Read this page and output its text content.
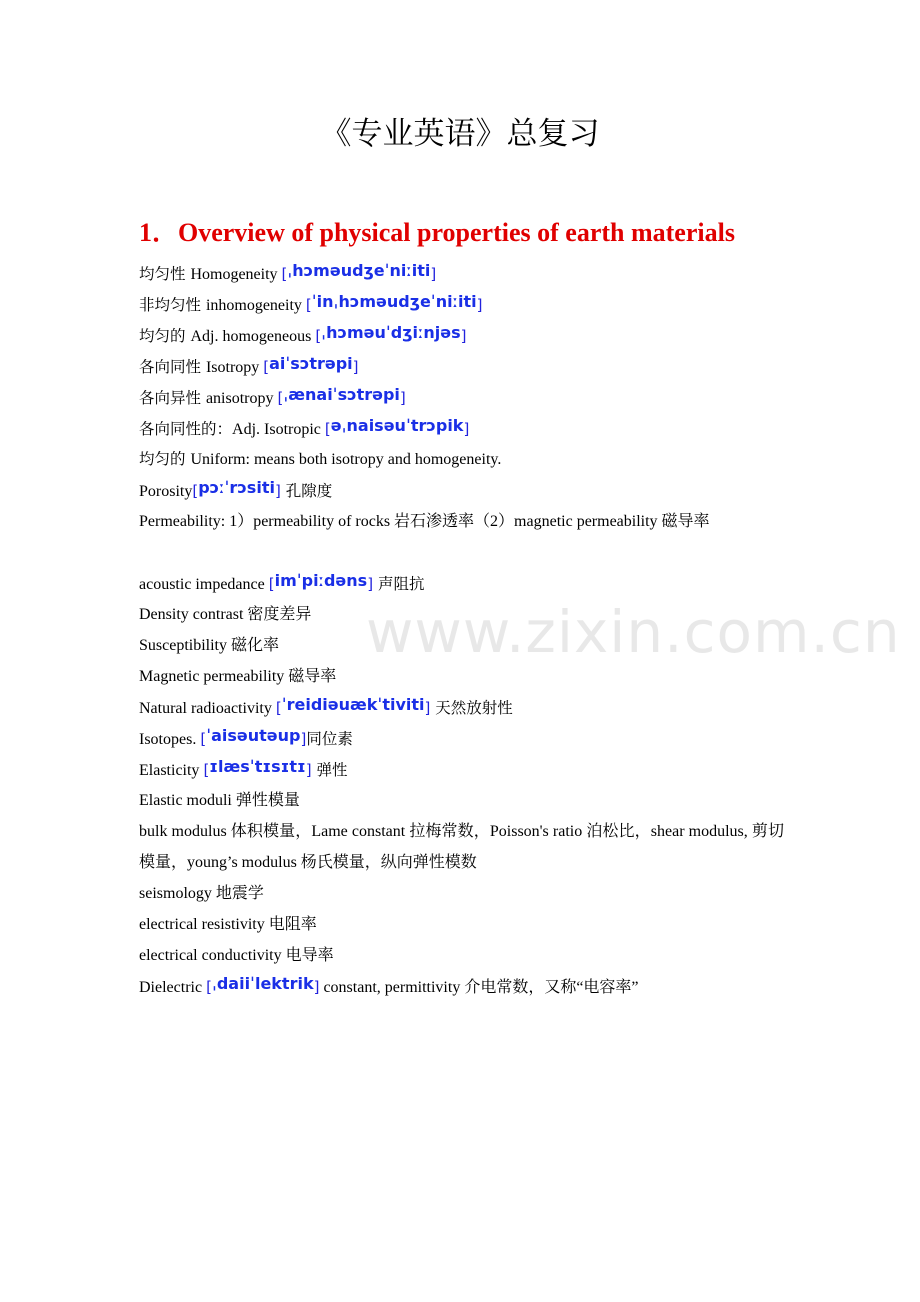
《专业英语》总复习
1．Overview of physical properties of earth materials
均匀性 Homogeneity [ˌhɔməudʒeˈniːiti]
非均匀性 inhomogeneity [ˈinˌhɔməudʒeˈniːiti]
均匀的 Adj. homogeneous [ˌhɔməuˈdʒiːnjəs]
各向同性 Isotropy [aiˈsɔtrəpi]
各向异性 anisotropy [ˌænaiˈsɔtrəpi]
各向同性的：Adj. Isotropic [əˌnaisəuˈtrɔpik]
均匀的 Uniform: means both isotropy and homogeneity.
Porosity[pɔːˈrɔsiti] 孔隙度
Permeability: 1）permeability of rocks 岩石渗透率（2）magnetic permeability 磁导率
acoustic impedance [imˈpiːdəns] 声阻抗
Density contrast 密度差异
Susceptibility 磁化率
Magnetic permeability 磁导率
Natural radioactivity [ˈreidiəuækˈtiviti] 天然放射性
Isotopes. [ˈaisəutəup]同位素
Elasticity [ɪlæsˈtɪsɪtɪ] 弹性
Elastic moduli 弹性模量
bulk modulus 体积模量，Lame constant 拉梅常数，Poisson's ratio 泊松比，shear modulus, 剪切模量，young’s modulus 杨氏模量，纵向弹性模数
seismology 地震学
electrical resistivity 电阻率
electrical conductivity 电导率
Dielectric [ˌdaiiˈlektrik] constant, permittivity 介电常数，又称“电容率”
www.zixin.com.cn
